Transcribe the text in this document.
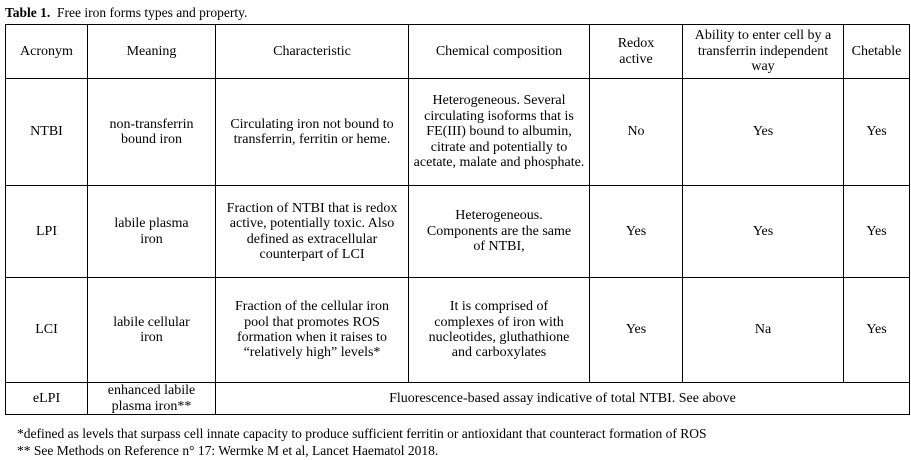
Table 1. Free iron forms types and property.
Acronym	Meaning	Characteristic	Chemical composition	Redox active	Ability to enter cell by a transferrin independent way	Chetable
NTBI	non-transferrin bound iron	Circulating iron not bound to transferrin, ferritin or heme.	Heterogeneous. Several circulating isoforms that is FE(III) bound to albumin, citrate and potentially to acetate, malate and phosphate.	No	Yes	Yes
LPI	labile plasma iron	Fraction of NTBI that is redox active, potentially toxic. Also defined as extracellular counterpart of LCI	Heterogeneous. Components are the same of NTBI,	Yes	Yes	Yes
LCI	labile cellular iron	Fraction of the cellular iron pool that promotes ROS formation when it raises to “relatively high” levels*	It is comprised of complexes of iron with nucleotides, gluthathione and carboxylates	Yes	Na	Yes
eLPI	enhanced labile plasma iron**	Fluorescence-based assay indicative of total NTBI. See above				
*defined as levels that surpass cell innate capacity to produce sufficient ferritin or antioxidant that counteract formation of ROS
** See Methods on Reference n° 17: Wermke M et al, Lancet Haematol 2018.
